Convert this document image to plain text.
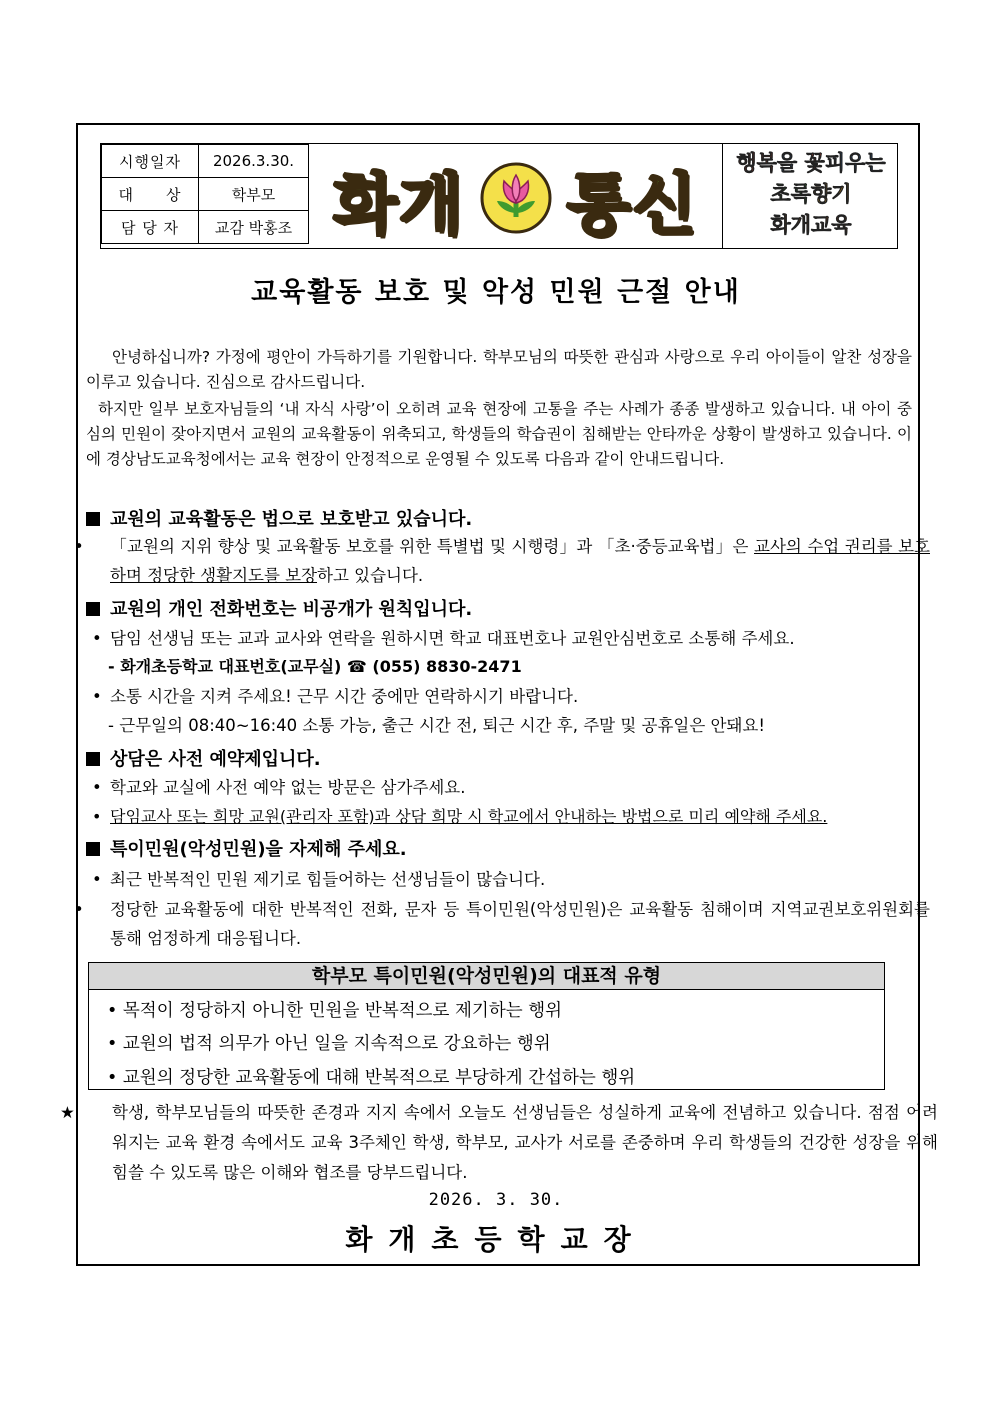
시행일자	2026.3.30.
대　　상	학부모
담 당 자	교감 박홍조 화개 통신
행복을 꽃피우는
초록향기
화개교육
교육활동 보호 및 악성 민원 근절 안내
안녕하십니까? 가정에 평안이 가득하기를 기원합니다. 학부모님의 따뜻한 관심과 사랑으로 우리 아이들이 알찬 성장을 이루고 있습니다. 진심으로 감사드립니다.
하지만 일부 보호자님들의 ‘내 자식 사랑’이 오히려 교육 현장에 고통을 주는 사례가 종종 발생하고 있습니다. 내 아이 중심의 민원이 잦아지면서 교원의 교육활동이 위축되고, 학생들의 학습권이 침해받는 안타까운 상황이 발생하고 있습니다. 이에 경상남도교육청에서는 교육 현장이 안정적으로 운영될 수 있도록 다음과 같이 안내드립니다.
교원의 교육활동은 법으로 보호받고 있습니다.
• 「교원의 지위 향상 및 교육활동 보호를 위한 특별법 및 시행령」과 「초·중등교육법」은 교사의 수업 권리를 보호하며 정당한 생활지도를 보장하고 있습니다.
교원의 개인 전화번호는 비공개가 원칙입니다.
• 담임 선생님 또는 교과 교사와 연락을 원하시면 학교 대표번호나 교원안심번호로 소통해 주세요.
- 화개초등학교 대표번호(교무실) ☎ (055) 8830-2471
• 소통 시간을 지켜 주세요! 근무 시간 중에만 연락하시기 바랍니다.
- 근무일의 08:40~16:40 소통 가능, 출근 시간 전, 퇴근 시간 후, 주말 및 공휴일은 안돼요!
상담은 사전 예약제입니다.
• 학교와 교실에 사전 예약 없는 방문은 삼가주세요.
• 담임교사 또는 희망 교원(관리자 포함)과 상담 희망 시 학교에서 안내하는 방법으로 미리 예약해 주세요.
특이민원(악성민원)을 자제해 주세요.
• 최근 반복적인 민원 제기로 힘들어하는 선생님들이 많습니다.
• 정당한 교육활동에 대한 반복적인 전화, 문자 등 특이민원(악성민원)은 교육활동 침해이며 지역교권보호위원회를 통해 엄정하게 대응됩니다.
학부모 특이민원(악성민원)의 대표적 유형
• 목적이 정당하지 아니한 민원을 반복적으로 제기하는 행위
• 교원의 법적 의무가 아닌 일을 지속적으로 강요하는 행위
• 교원의 정당한 교육활동에 대해 반복적으로 부당하게 간섭하는 행위
★ 학생, 학부모님들의 따뜻한 존경과 지지 속에서 오늘도 선생님들은 성실하게 교육에 전념하고 있습니다. 점점 어려워지는 교육 환경 속에서도 교육 3주체인 학생, 학부모, 교사가 서로를 존중하며 우리 학생들의 건강한 성장을 위해 힘쓸 수 있도록 많은 이해와 협조를 당부드립니다.
2026. 3. 30.
화개초등학교장
